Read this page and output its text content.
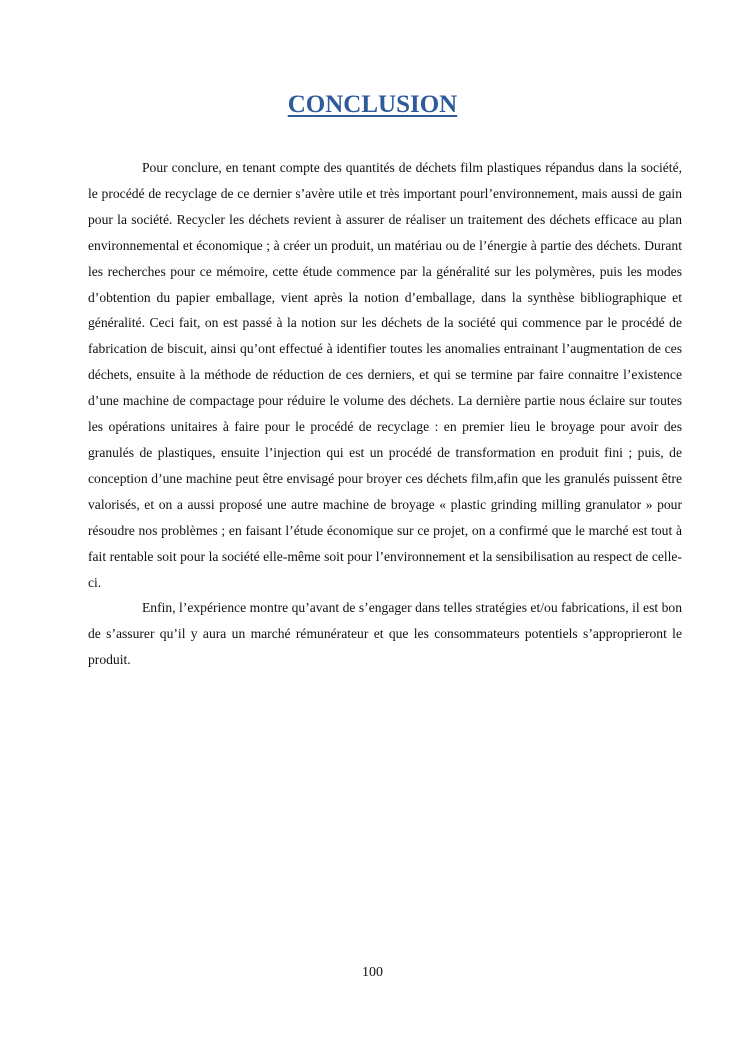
CONCLUSION

Pour conclure, en tenant compte des quantités de déchets film plastiques répandus dans la société, le procédé de recyclage de ce dernier s’avère utile et très important pourl’environnement, mais aussi de gain pour la société. Recycler les déchets revient à assurer de réaliser un traitement des déchets efficace au plan environnemental et économique ; à créer un produit, un matériau ou de l’énergie à partie des déchets. Durant les recherches pour ce mémoire, cette étude commence par la généralité sur les polymères, puis les modes d’obtention du papier emballage, vient après la notion d’emballage, dans la synthèse bibliographique et généralité. Ceci fait, on est passé à la notion sur les déchets de la société qui commence par le procédé de fabrication de biscuit, ainsi qu’ont effectué à identifier toutes les anomalies entrainant l’augmentation de ces déchets, ensuite à la méthode de réduction de ces derniers, et qui se termine par faire connaitre l’existence d’une machine de compactage pour réduire le volume des déchets. La dernière partie nous éclaire sur toutes les opérations unitaires à faire pour le procédé de recyclage : en premier lieu le broyage pour avoir des granulés de plastiques, ensuite l’injection qui est un procédé de transformation en produit fini ; puis, de conception d’une machine peut être envisagé pour broyer ces déchets film,afin que les granulés puissent être valorisés, et on a aussi proposé une autre machine de broyage « plastic grinding milling granulator » pour résoudre nos problèmes ; en faisant l’étude économique sur ce projet, on a confirmé que le marché est tout à fait rentable soit pour la société elle-même soit pour l’environnement et la sensibilisation au respect de celle-ci.

Enfin, l’expérience montre qu’avant de s’engager dans telles stratégies et/ou fabrications, il est bon de s’assurer qu’il y aura un marché rémunérateur et que les consommateurs potentiels s’approprieront le produit.

100
